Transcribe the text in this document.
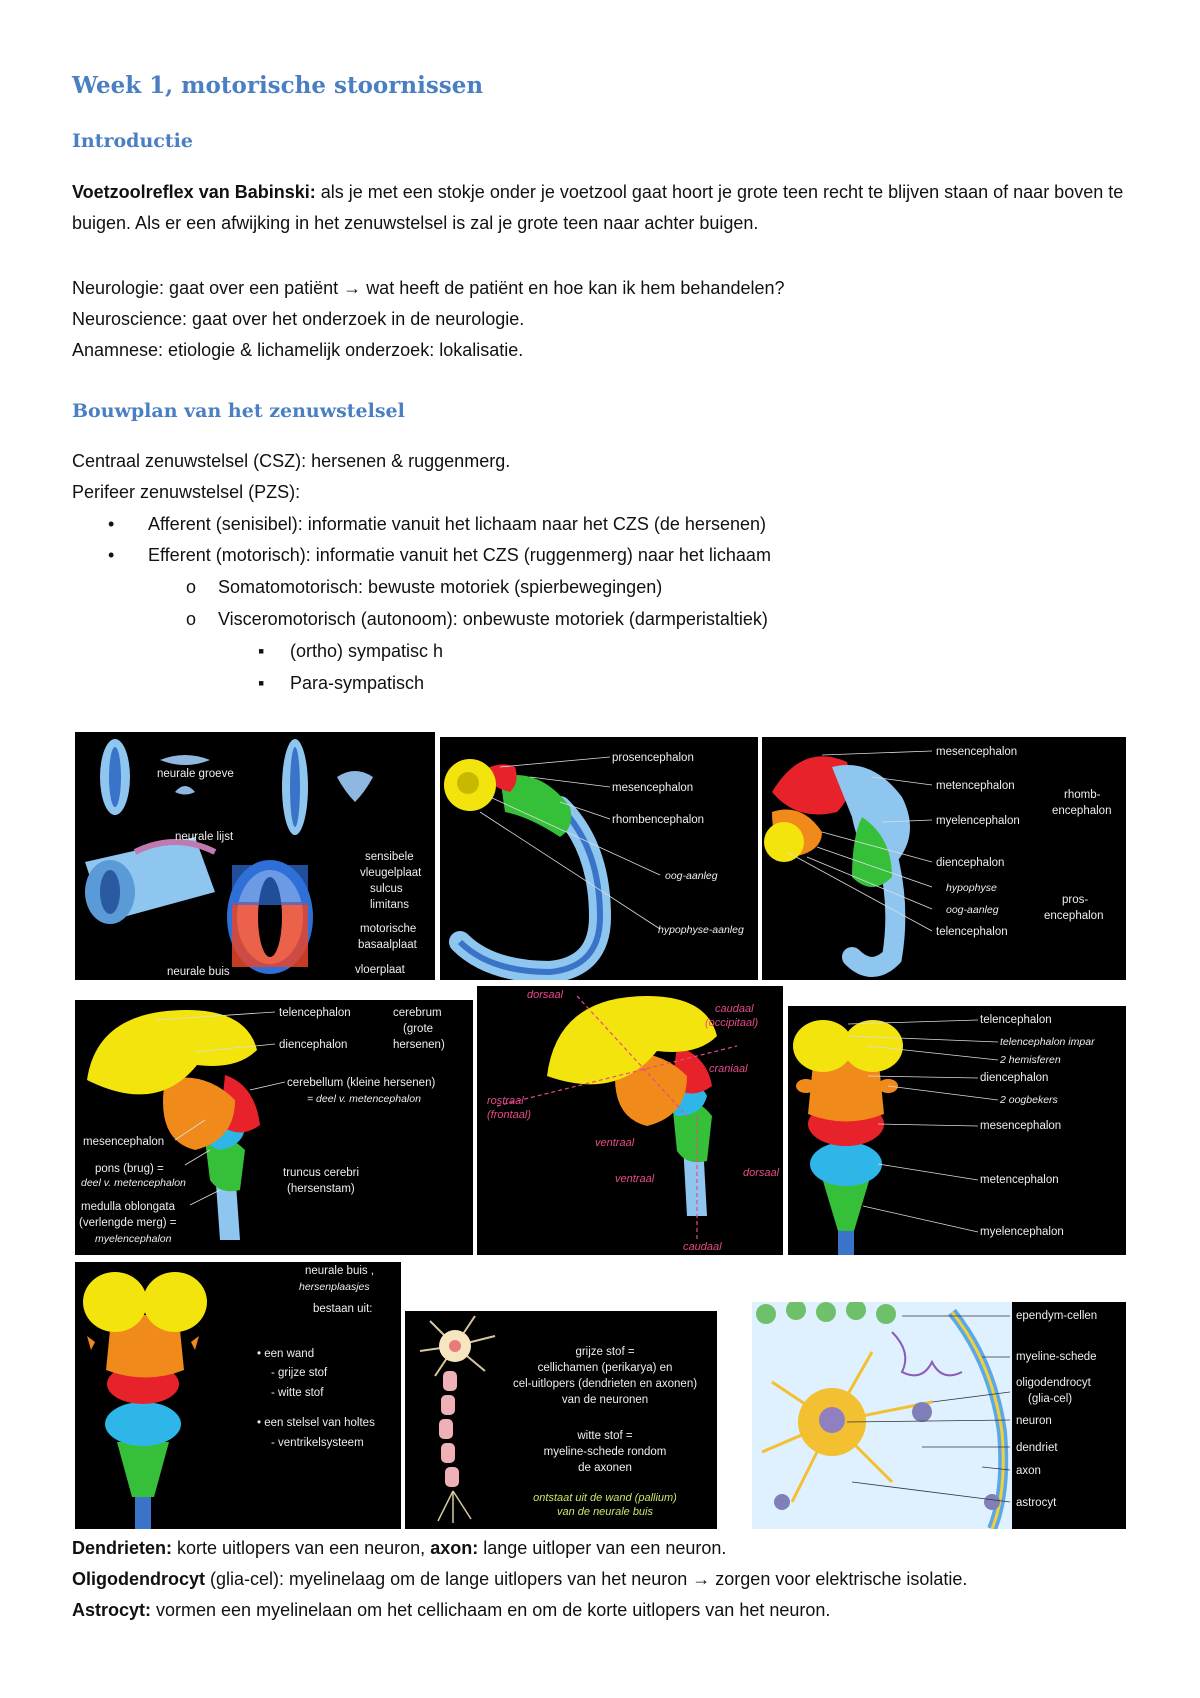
Week 1, motorische stoornissen
Introductie
Voetzoolreflex van Babinski: als je met een stokje onder je voetzool gaat hoort je grote teen recht te blijven staan of naar boven te buigen. Als er een afwijking in het zenuwstelsel is zal je grote teen naar achter buigen.
Neurologie: gaat over een patiënt → wat heeft de patiënt en hoe kan ik hem behandelen?
Neuroscience: gaat over het onderzoek in de neurologie.
Anamnese: etiologie & lichamelijk onderzoek: lokalisatie.
Bouwplan van het zenuwstelsel
Centraal zenuwstelsel (CSZ): hersenen & ruggenmerg.
Perifeer zenuwstelsel (PZS):
• Afferent (senisibel): informatie vanuit het lichaam naar het CZS (de hersenen)
• Efferent (motorisch): informatie vanuit het CZS (ruggenmerg) naar het lichaam
o Somatomotorisch: bewuste motoriek (spierbewegingen)
o Visceromotorisch (autonoom): onbewuste motoriek (darmperistaltiek)
▪ (ortho) sympatisc h
▪ Para-sympatisch
neurale groeve
neurale lijst
sensibele
vleugelplaat
sulcus
limitans
motorische
basaalplaat
vloerplaat
neurale buis
prosencephalon
mesencephalon
rhombencephalon
oog-aanleg
hypophyse-aanleg
mesencephalon
metencephalon
myelencephalon
rhomb-
encephalon
diencephalon
hypophyse
oog-aanleg
telencephalon
pros-
encephalon
telencephalon
diencephalon
cerebrum
(grote
hersenen)
cerebellum (kleine hersenen)
= deel v. metencephalon
mesencephalon
pons (brug) =
deel v. metencephalon
medulla oblongata
(verlengde merg) =
myelencephalon
truncus cerebri
(hersenstam)
dorsaal
caudaal
(occipitaal)
craniaal
rostraal
(frontaal)
ventraal
ventraal	dorsaal
caudaal
telencephalon
telencephalon impar
2 hemisferen
diencephalon
2 oogbekers
mesencephalon
metencephalon
myelencephalon
neurale buis ,
hersenplaasjes
bestaan uit:
• een wand
- grijze stof
- witte stof
• een stelsel van holtes
- ventrikelsysteem
grijze stof =
cellichamen (perikarya) en
cel-uitlopers (dendrieten en axonen)
van de neuronen
witte stof =
myeline-schede rondom
de axonen
ontstaat uit de wand (pallium)
van de neurale buis
ependym-cellen
myeline-schede
oligodendrocyt
(glia-cel)
neuron
dendriet
axon
astrocyt
Dendrieten: korte uitlopers van een neuron, axon: lange uitloper van een neuron.
Oligodendrocyt (glia-cel): myelinelaag om de lange uitlopers van het neuron → zorgen voor elektrische isolatie.
Astrocyt: vormen een myelinelaan om het cellichaam en om de korte uitlopers van het neuron.
